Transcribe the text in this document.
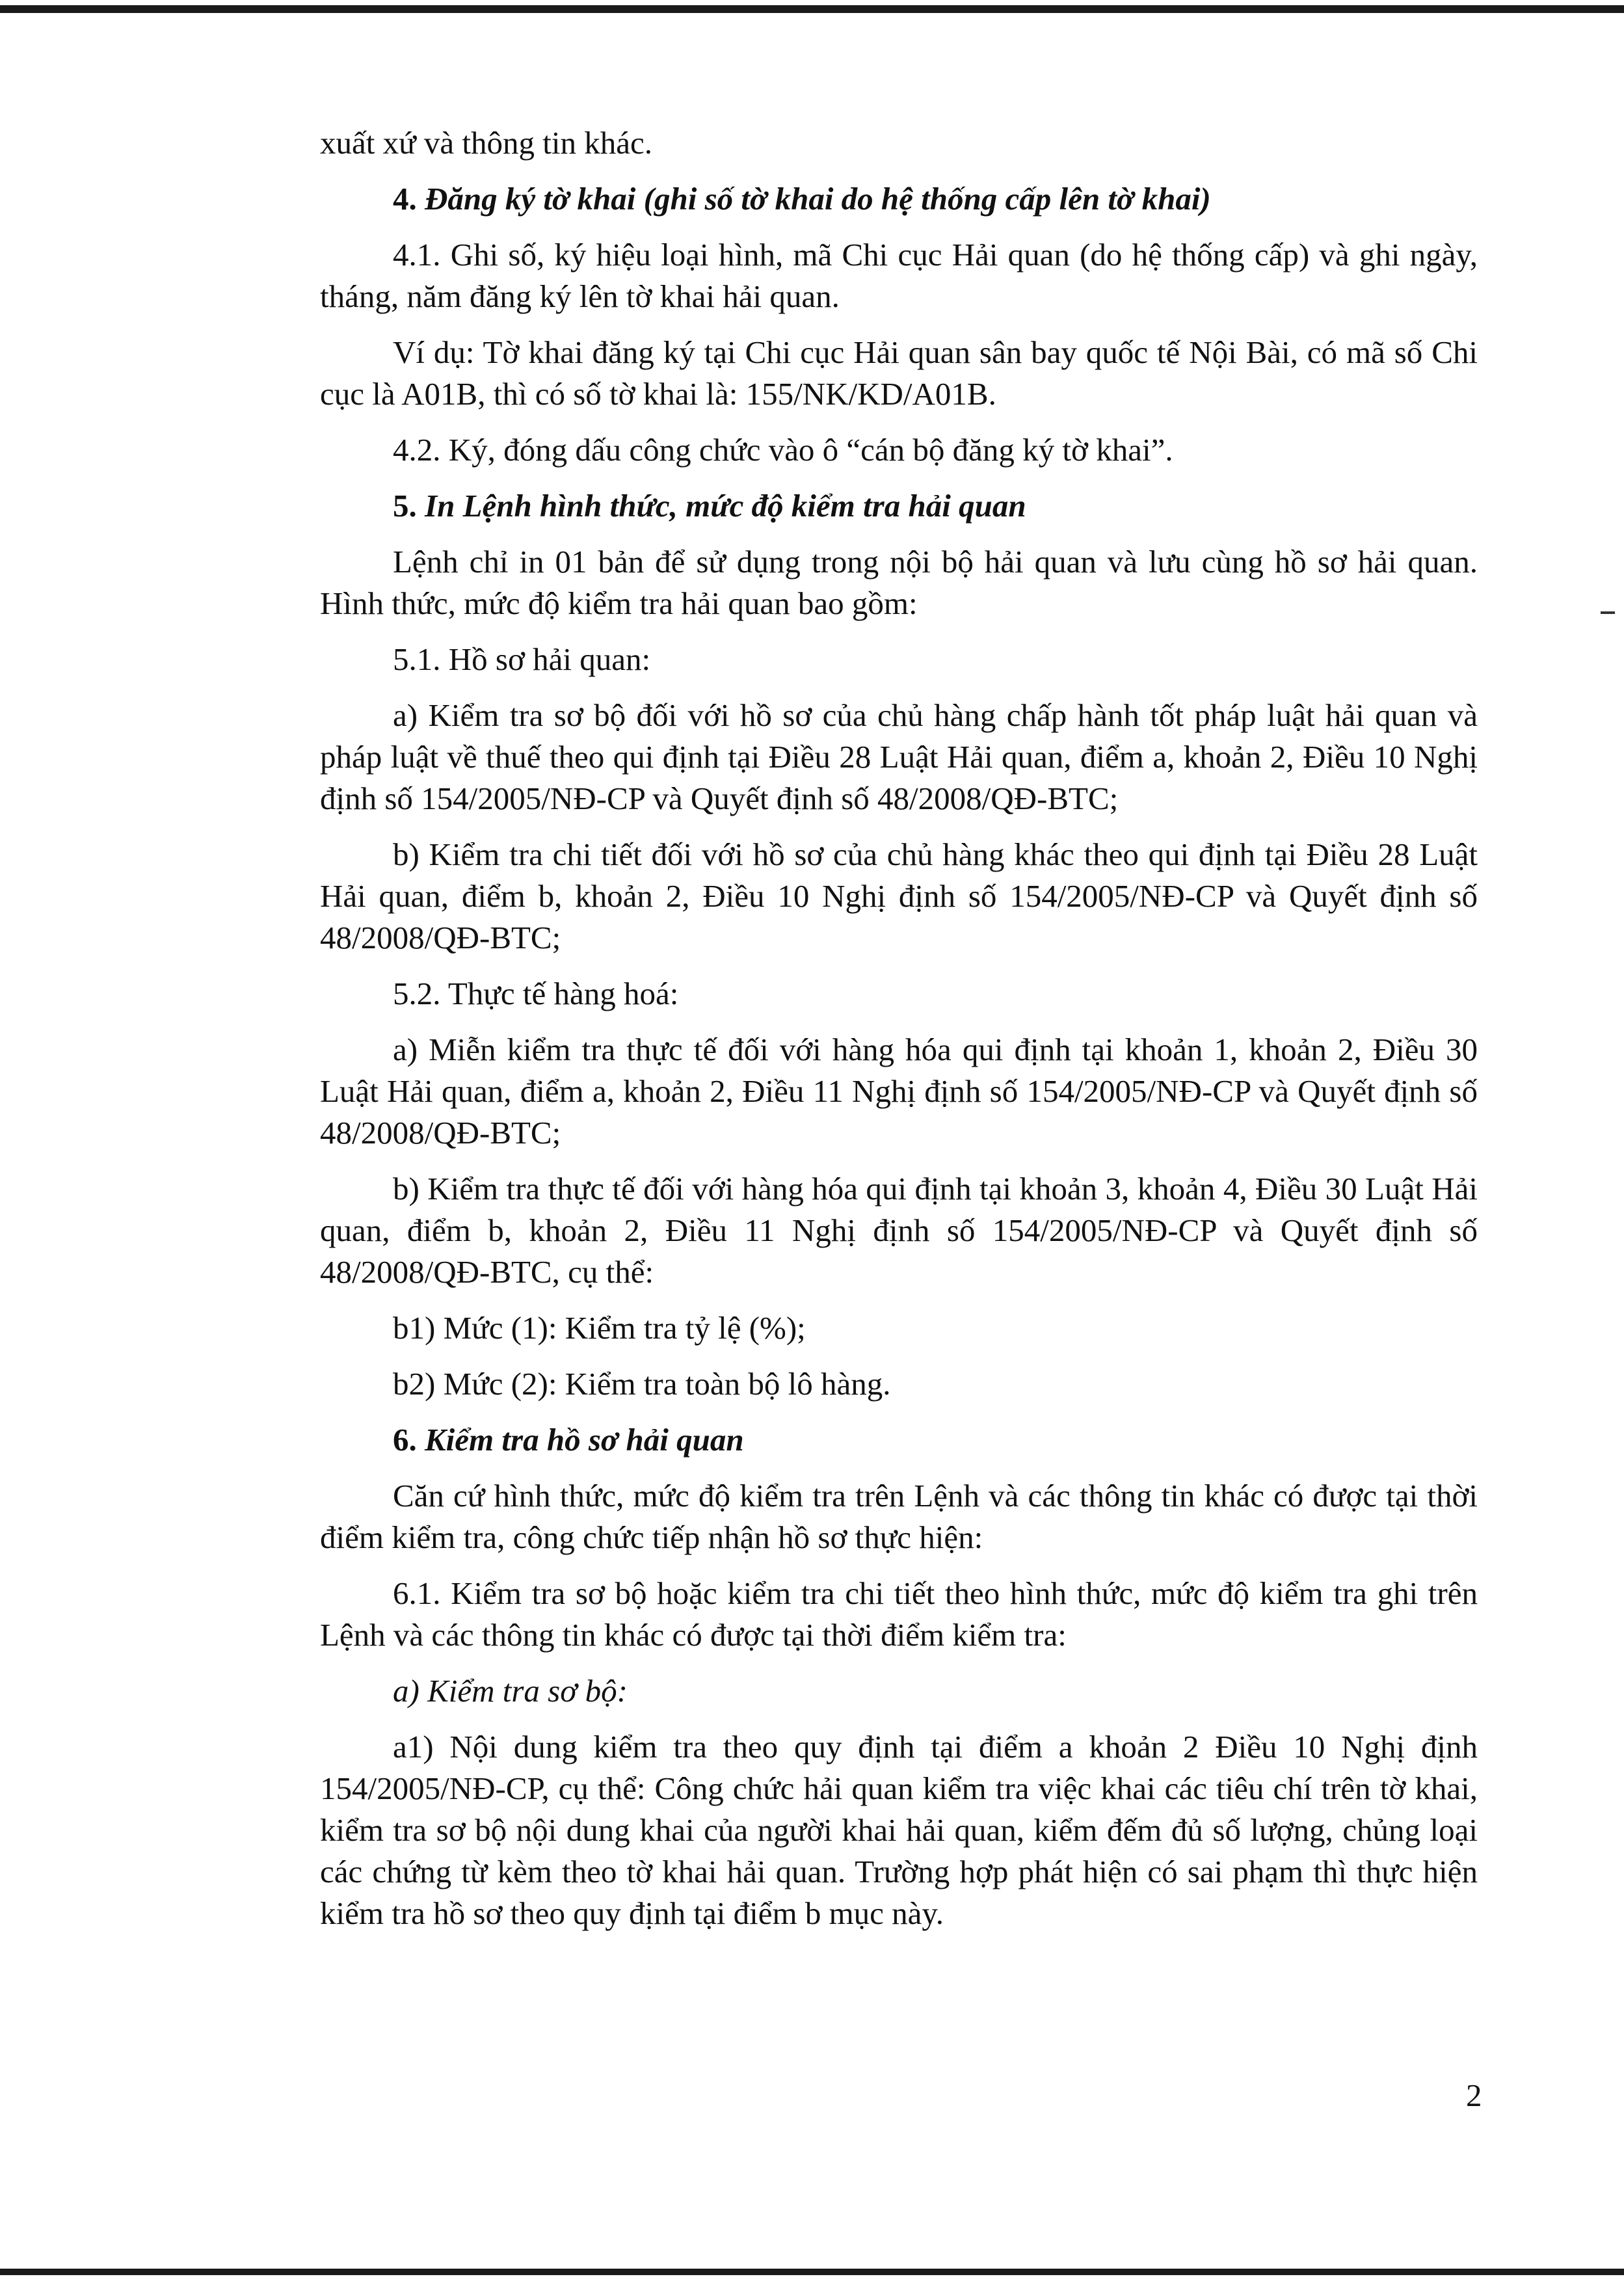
xuất xứ và thông tin khác.

4. Đăng ký tờ khai (ghi số tờ khai do hệ thống cấp lên tờ khai)

4.1. Ghi số, ký hiệu loại hình, mã Chi cục Hải quan (do hệ thống cấp) và ghi ngày, tháng, năm đăng ký lên tờ khai hải quan.

Ví dụ: Tờ khai đăng ký tại Chi cục Hải quan sân bay quốc tế Nội Bài, có mã số Chi cục là A01B, thì có số tờ khai là: 155/NK/KD/A01B.

4.2. Ký, đóng dấu công chức vào ô “cán bộ đăng ký tờ khai”.

5. In Lệnh hình thức, mức độ kiểm tra hải quan

Lệnh chỉ in 01 bản để sử dụng trong nội bộ hải quan và lưu cùng hồ sơ hải quan. Hình thức, mức độ kiểm tra hải quan bao gồm:

5.1. Hồ sơ hải quan:

a) Kiểm tra sơ bộ đối với hồ sơ của chủ hàng chấp hành tốt pháp luật hải quan và pháp luật về thuế theo qui định tại Điều 28 Luật Hải quan, điểm a, khoản 2, Điều 10 Nghị định số 154/2005/NĐ-CP và Quyết định số 48/2008/QĐ-BTC;

b) Kiểm tra chi tiết đối với hồ sơ của chủ hàng khác theo qui định tại Điều 28 Luật Hải quan, điểm b, khoản 2, Điều 10 Nghị định số 154/2005/NĐ-CP và Quyết định số 48/2008/QĐ-BTC;

5.2. Thực tế hàng hoá:

a) Miễn kiểm tra thực tế đối với hàng hóa qui định tại khoản 1, khoản 2, Điều 30 Luật Hải quan, điểm a, khoản 2, Điều 11 Nghị định số 154/2005/NĐ-CP và Quyết định số 48/2008/QĐ-BTC;

b) Kiểm tra thực tế đối với hàng hóa qui định tại khoản 3, khoản 4, Điều 30 Luật Hải quan, điểm b, khoản 2, Điều 11 Nghị định số 154/2005/NĐ-CP và Quyết định số 48/2008/QĐ-BTC, cụ thể:

b1) Mức (1): Kiểm tra tỷ lệ (%);

b2) Mức (2): Kiểm tra toàn bộ lô hàng.

6. Kiểm tra hồ sơ hải quan

Căn cứ hình thức, mức độ kiểm tra trên Lệnh và các thông tin khác có được tại thời điểm kiểm tra, công chức tiếp nhận hồ sơ thực hiện:

6.1. Kiểm tra sơ bộ hoặc kiểm tra chi tiết theo hình thức, mức độ kiểm tra ghi trên Lệnh và các thông tin khác có được tại thời điểm kiểm tra:

a) Kiểm tra sơ bộ:

a1) Nội dung kiểm tra theo quy định tại điểm a khoản 2 Điều 10 Nghị định 154/2005/NĐ-CP, cụ thể: Công chức hải quan kiểm tra việc khai các tiêu chí trên tờ khai, kiểm tra sơ bộ nội dung khai của người khai hải quan, kiểm đếm đủ số lượng, chủng loại các chứng từ kèm theo tờ khai hải quan. Trường hợp phát hiện có sai phạm thì thực hiện kiểm tra hồ sơ theo quy định tại điểm b mục này.

2
